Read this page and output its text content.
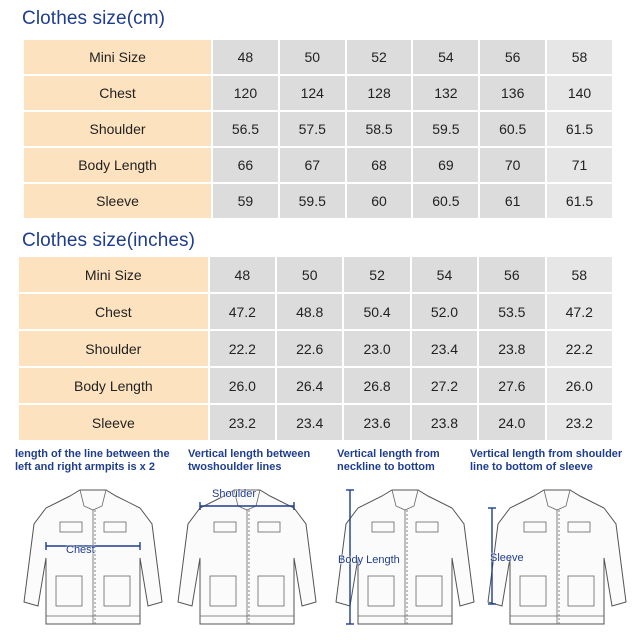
Clothes size(cm)
Mini Size	48	50	52	54	56	58
Chest	120	124	128	132	136	140
Shoulder	56.5	57.5	58.5	59.5	60.5	61.5
Body Length	66	67	68	69	70	71
Sleeve	59	59.5	60	60.5	61	61.5
Clothes size(inches)
Mini Size	48	50	52	54	56	58
Chest	47.2	48.8	50.4	52.0	53.5	47.2
Shoulder	22.2	22.6	23.0	23.4	23.8	22.2
Body Length	26.0	26.4	26.8	27.2	27.6	26.0
Sleeve	23.2	23.4	23.6	23.8	24.0	23.2
length of the line between the left and right armpits is x 2
Vertical length between twoshoulder lines
Vertical length from neckline to bottom
Vertical length from shoulder line to bottom of sleeve
Chest
Shoulder
Body Length	Sleeve
